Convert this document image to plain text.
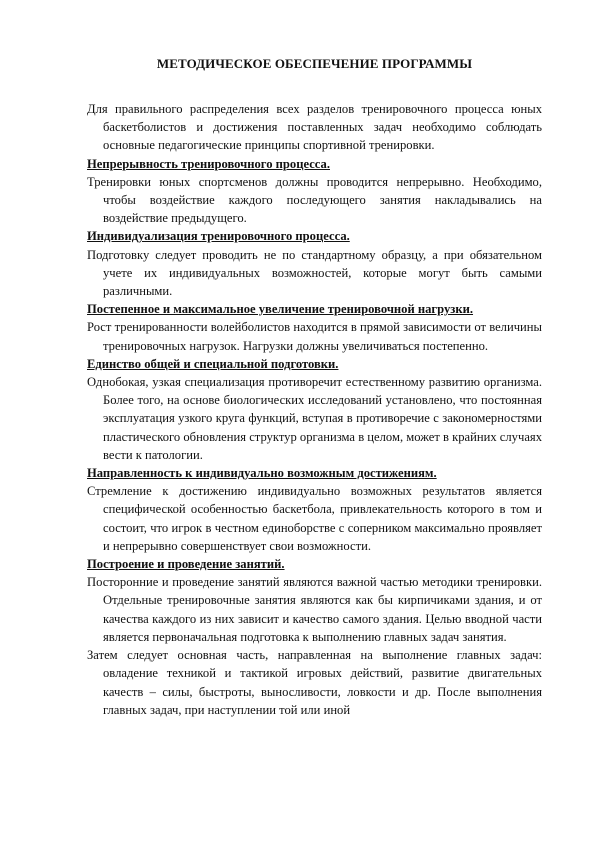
МЕТОДИЧЕСКОЕ ОБЕСПЕЧЕНИЕ ПРОГРАММЫ

Для правильного распределения всех разделов тренировочного процесса юных баскетболистов и достижения поставленных задач необходимо соблюдать основные педагогические принципы спортивной тренировки.

Непрерывность тренировочного процесса.

Тренировки юных спортсменов должны проводится непрерывно. Необходимо, чтобы воздействие каждого последующего занятия накладывались на воздействие предыдущего.

Индивидуализация тренировочного процесса.

Подготовку следует проводить не по стандартному образцу, а при обязательном учете их индивидуальных возможностей, которые могут быть самыми различными.

Постепенное и максимальное увеличение тренировочной нагрузки.

Рост тренированности волейболистов находится в прямой зависимости от величины тренировочных нагрузок. Нагрузки должны увеличиваться постепенно.

Единство общей и специальной подготовки.

Однобокая, узкая специализация противоречит естественному развитию организма. Более того, на основе биологических исследований установлено, что постоянная эксплуатация узкого круга функций, вступая в противоречие с закономерностями пластического обновления структур организма в целом, может в крайних случаях вести к патологии.

Направленность к индивидуально возможным достижениям.

Стремление к достижению индивидуально возможных результатов является специфической особенностью баскетбола, привлекательность которого в том и состоит, что игрок в честном единоборстве с соперником максимально проявляет и непрерывно совершенствует свои возможности.

Построение и проведение занятий.

Посторонние и проведение занятий являются важной частью методики тренировки. Отдельные тренировочные занятия являются как бы кирпичиками здания, и от качества каждого из них зависит и качество самого здания. Целью вводной части является первоначальная подготовка к выполнению главных задач занятия.

Затем следует основная часть, направленная на выполнение главных задач: овладение техникой и тактикой игровых действий, развитие двигательных качеств – силы, быстроты, выносливости, ловкости и др. После выполнения главных задач, при наступлении той или иной
